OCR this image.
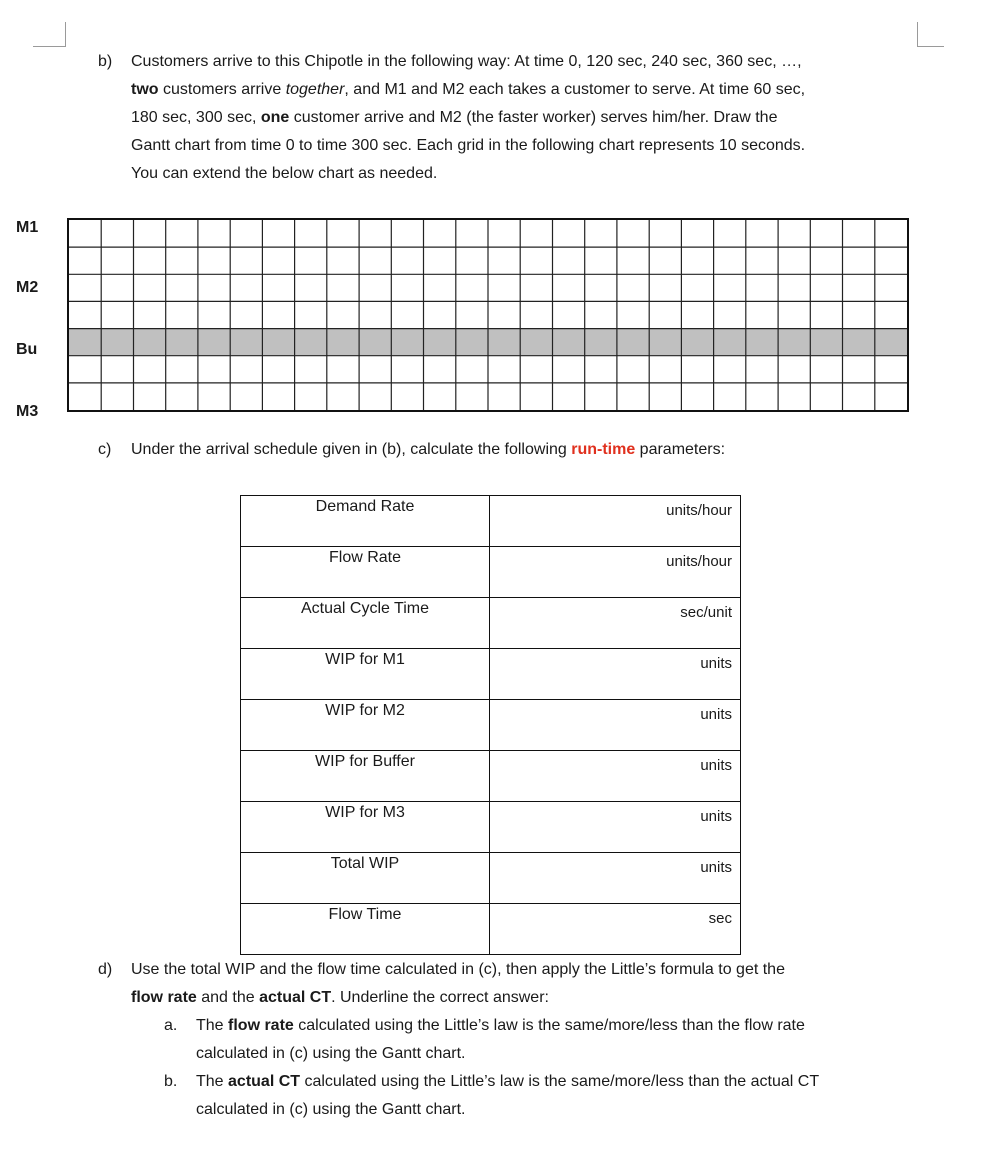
b) Customers arrive to this Chipotle in the following way: At time 0, 120 sec, 240 sec, 360 sec, …,
two customers arrive together, and M1 and M2 each takes a customer to serve. At time 60 sec,
180 sec, 300 sec, one customer arrive and M2 (the faster worker) serves him/her. Draw the
Gantt chart from time 0 to time 300 sec. Each grid in the following chart represents 10 seconds.
You can extend the below chart as needed.
M1
M2
Bu
M3
c) Under the arrival schedule given in (b), calculate the following run-time parameters:
Demand Rate	units/hour
Flow Rate	units/hour
Actual Cycle Time	sec/unit
WIP for M1	units
WIP for M2	units
WIP for Buffer	units
WIP for M3	units
Total WIP	units
Flow Time	sec
d) Use the total WIP and the flow time calculated in (c), then apply the Little’s formula to get the
flow rate and the actual CT. Underline the correct answer:
a. The flow rate calculated using the Little’s law is the same/more/less than the flow rate
calculated in (c) using the Gantt chart.
b. The actual CT calculated using the Little’s law is the same/more/less than the actual CT
calculated in (c) using the Gantt chart.
